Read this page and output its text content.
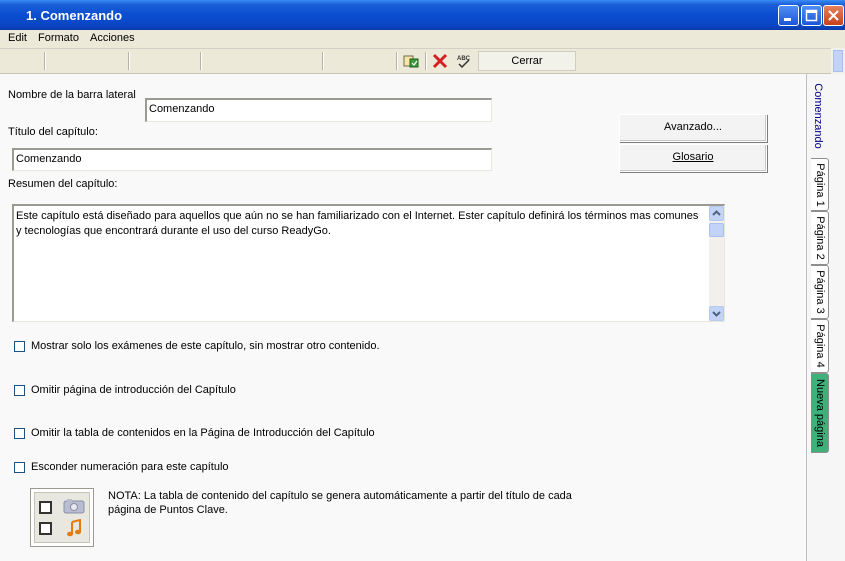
1. Comenzando
Edit Formato Acciones
ABC	Cerrar
Nombre de la barra lateral
Comenzando
Título del capítulo:
Comenzando
Avanzado...
Glosario
Resumen del capítulo:
Este capítulo está diseñado para aquellos que aún no se han familiarizado con el Internet. Ester capítulo definirá los términos mas comunes y tecnologías que encontrará durante el uso del curso ReadyGo.
Mostrar solo los exámenes de este capítulo, sin mostrar otro contenido.
Omitir página de introducción del Capítulo
Omitir la tabla de contenidos en la Página de Introducción del Capítulo
Esconder numeración para este capítulo
NOTA: La tabla de contenido del capítulo se genera automáticamente a partir del título de cada página de Puntos Clave.
Comenzando
Página 1
Página 2
Página 3
Página 4
Nueva página
